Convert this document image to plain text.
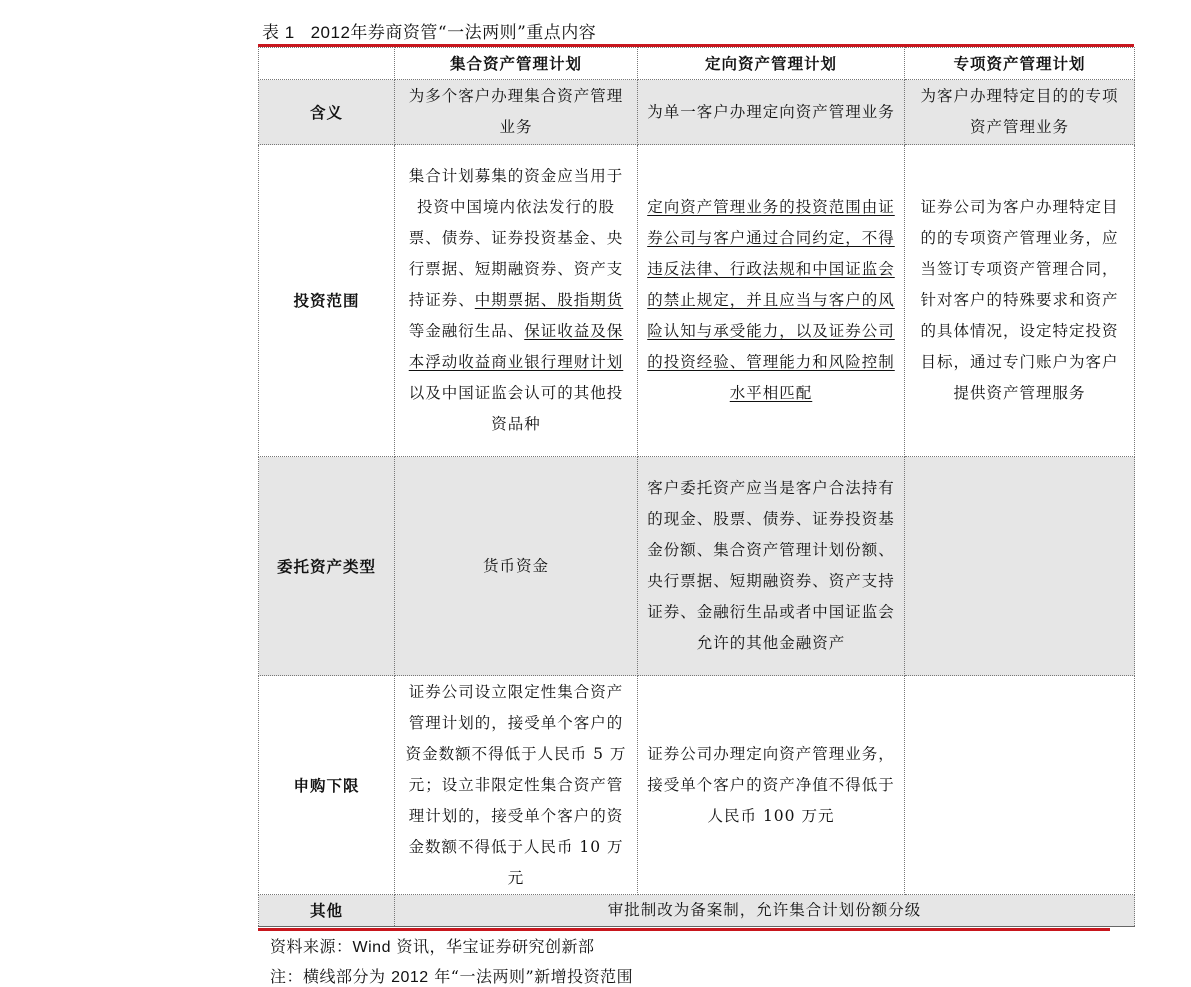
表 1 2012年券商资管“一法两则”重点内容
	集合资产管理计划	定向资产管理计划	专项资产管理计划
含义	为多个客户办理集合资产管理业务	为单一客户办理定向资产管理业务	为客户办理特定目的的专项资产管理业务
投资范围	集合计划募集的资金应当用于投资中国境内依法发行的股票、债券、证券投资基金、央行票据、短期融资券、资产支持证券、中期票据、股指期货等金融衍生品、保证收益及保本浮动收益商业银行理财计划以及中国证监会认可的其他投资品种	定向资产管理业务的投资范围由证券公司与客户通过合同约定，不得违反法律、行政法规和中国证监会的禁止规定，并且应当与客户的风险认知与承受能力，以及证券公司的投资经验、管理能力和风险控制水平相匹配	证券公司为客户办理特定目的的专项资产管理业务，应当签订专项资产管理合同，针对客户的特殊要求和资产的具体情况，设定特定投资目标，通过专门账户为客户提供资产管理服务
委托资产类型	货币资金	客户委托资产应当是客户合法持有的现金、股票、债券、证券投资基金份额、集合资产管理计划份额、央行票据、短期融资券、资产支持证券、金融衍生品或者中国证监会允许的其他金融资产	
申购下限	证券公司设立限定性集合资产管理计划的，接受单个客户的资金数额不得低于人民币 5 万元；设立非限定性集合资产管理计划的，接受单个客户的资金数额不得低于人民币 10 万元	证券公司办理定向资产管理业务，接受单个客户的资产净值不得低于人民币 100 万元	
其他	审批制改为备案制，允许集合计划份额分级		
资料来源：Wind 资讯，华宝证券研究创新部
注：横线部分为 2012 年“一法两则”新增投资范围
